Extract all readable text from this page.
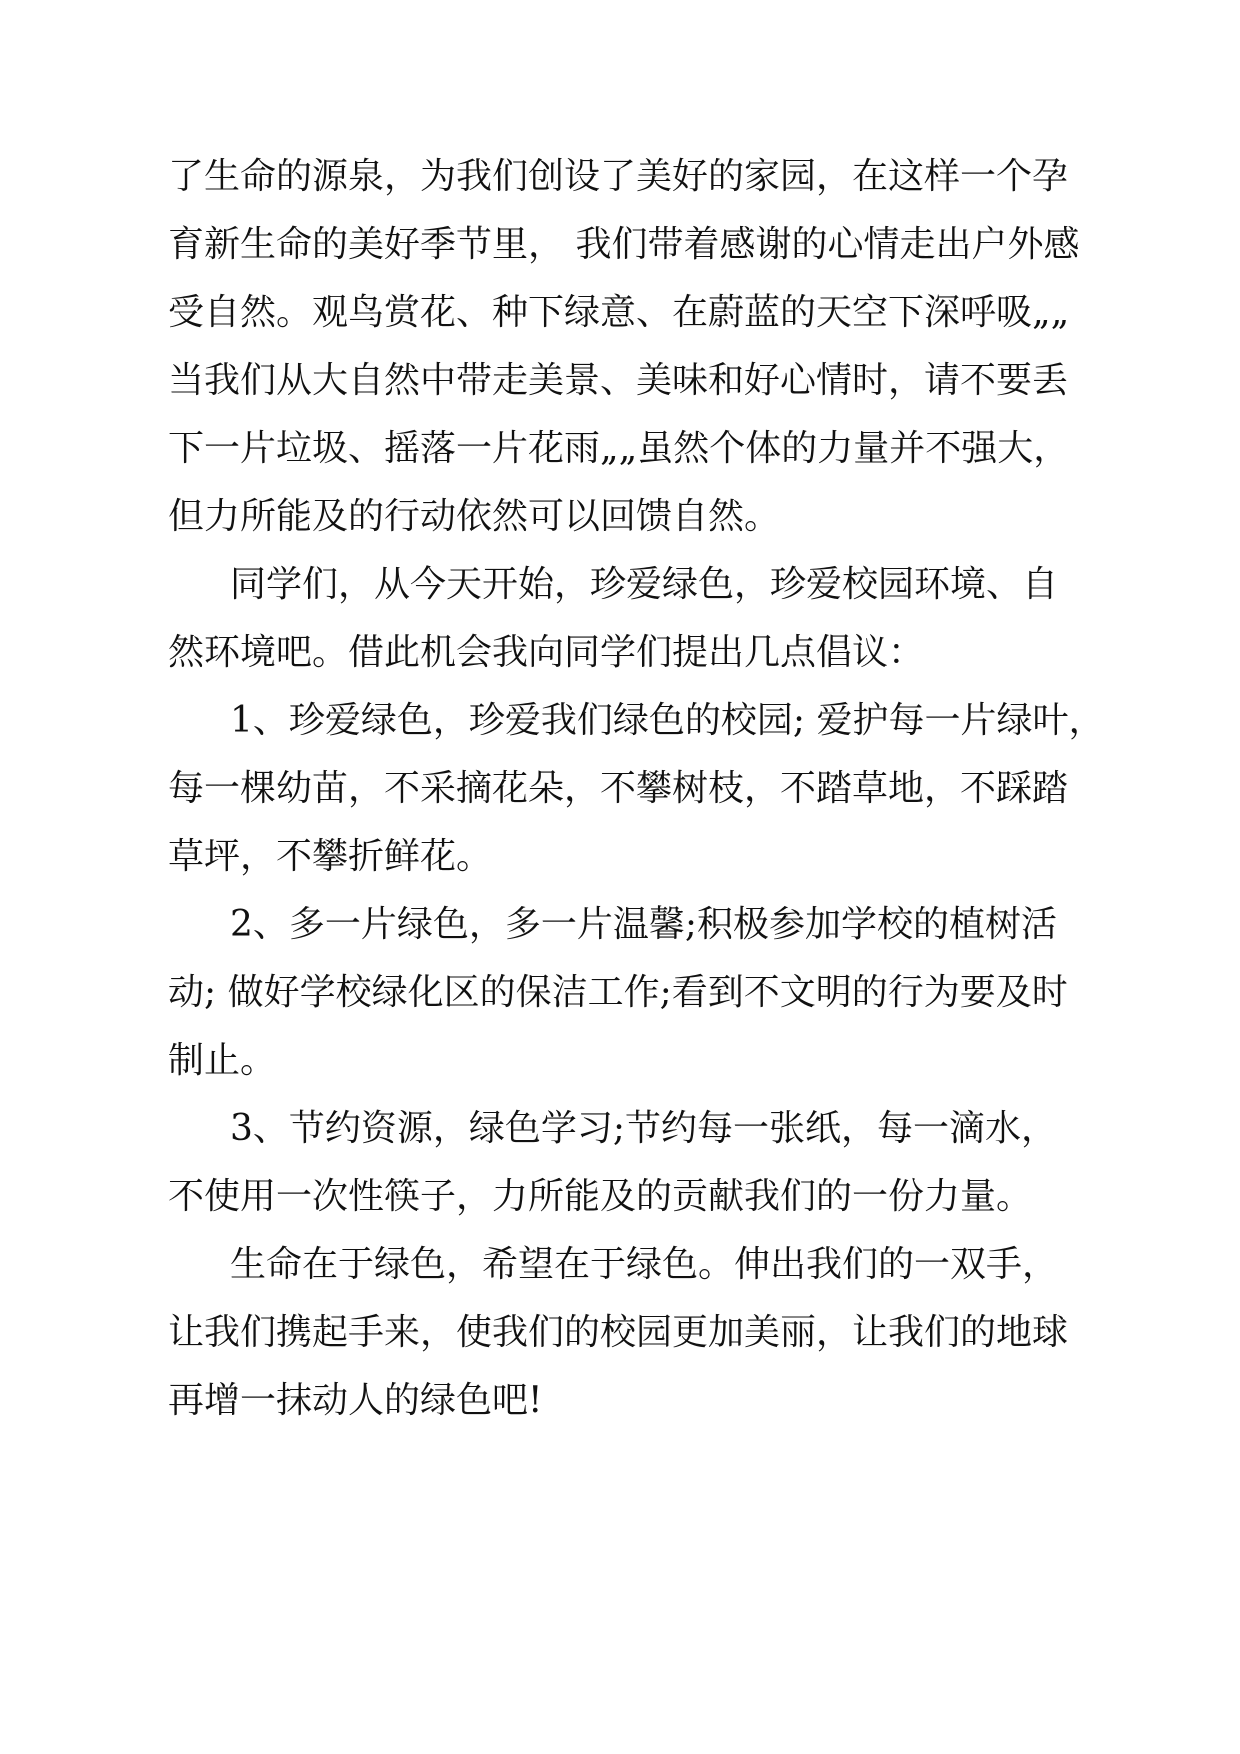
了生命的源泉，为我们创设了美好的家园，在这样一个孕
育新生命的美好季节里， 我们带着感谢的心情走出户外感
受自然。观鸟赏花、种下绿意、在蔚蓝的天空下深呼吸„„
当我们从大自然中带走美景、美味和好心情时，请不要丢
下一片垃圾、摇落一片花雨„„虽然个体的力量并不强大，
但力所能及的行动依然可以回馈自然。
同学们，从今天开始，珍爱绿色，珍爱校园环境、自
然环境吧。借此机会我向同学们提出几点倡议：
1、珍爱绿色，珍爱我们绿色的校园; 爱护每一片绿叶，
每一棵幼苗，不采摘花朵，不攀树枝，不踏草地，不踩踏
草坪，不攀折鲜花。
2、多一片绿色，多一片温馨;积极参加学校的植树活
动; 做好学校绿化区的保洁工作;看到不文明的行为要及时
制止。
3、节约资源，绿色学习;节约每一张纸，每一滴水，
不使用一次性筷子，力所能及的贡献我们的一份力量。
生命在于绿色，希望在于绿色。伸出我们的一双手，
让我们携起手来，使我们的校园更加美丽，让我们的地球
再增一抹动人的绿色吧!
